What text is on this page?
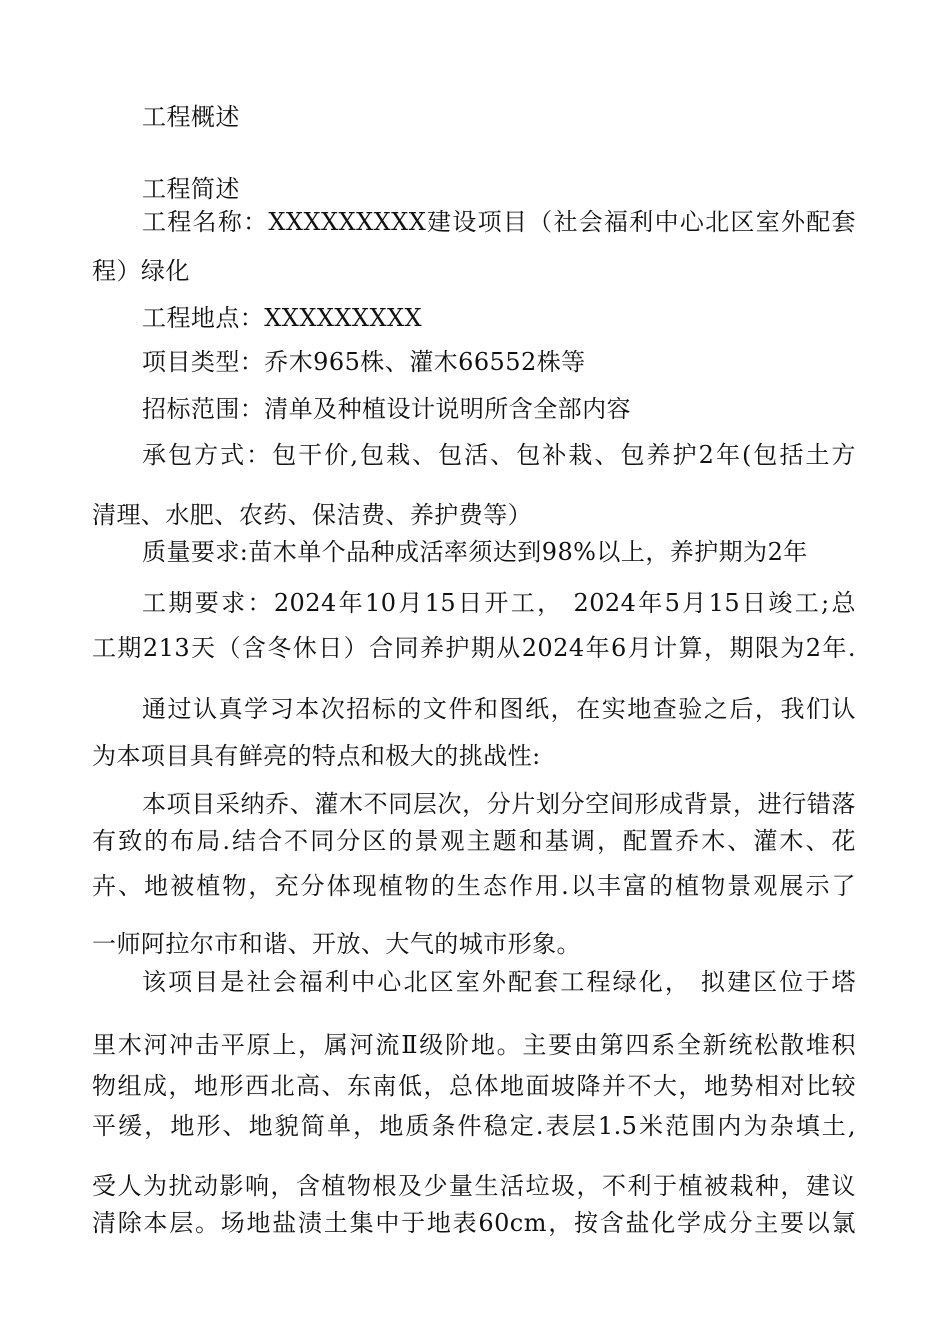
工程概述

工程简述

工程名称：XXXXXXXXX建设项目（社会福利中心北区室外配套

程）绿化

工程地点：XXXXXXXXX

项目类型：乔木965株、灌木66552株等

招标范围：清单及种植设计说明所含全部内容

承包方式：包干价,包栽、包活、包补栽、包养护2年(包括土方

清理、水肥、农药、保洁费、养护费等）

质量要求:苗木单个品种成活率须达到98%以上，养护期为2年

工期要求：2024年10月15日开工， 2024年5月15日竣工;总

工期213天（含冬休日）合同养护期从2024年6月计算，期限为2年.

通过认真学习本次招标的文件和图纸，在实地查验之后，我们认

为本项目具有鲜亮的特点和极大的挑战性:

本项目采纳乔、灌木不同层次，分片划分空间形成背景，进行错落

有致的布局.结合不同分区的景观主题和基调，配置乔木、灌木、花

卉、地被植物，充分体现植物的生态作用.以丰富的植物景观展示了

一师阿拉尔市和谐、开放、大气的城市形象。

该项目是社会福利中心北区室外配套工程绿化， 拟建区位于塔

里木河冲击平原上，属河流Ⅱ级阶地。主要由第四系全新统松散堆积

物组成，地形西北高、东南低，总体地面坡降并不大，地势相对比较

平缓，地形、地貌简单，地质条件稳定.表层1.5米范围内为杂填土,

受人为扰动影响，含植物根及少量生活垃圾，不利于植被栽种，建议

清除本层。场地盐渍土集中于地表60cm，按含盐化学成分主要以氯
